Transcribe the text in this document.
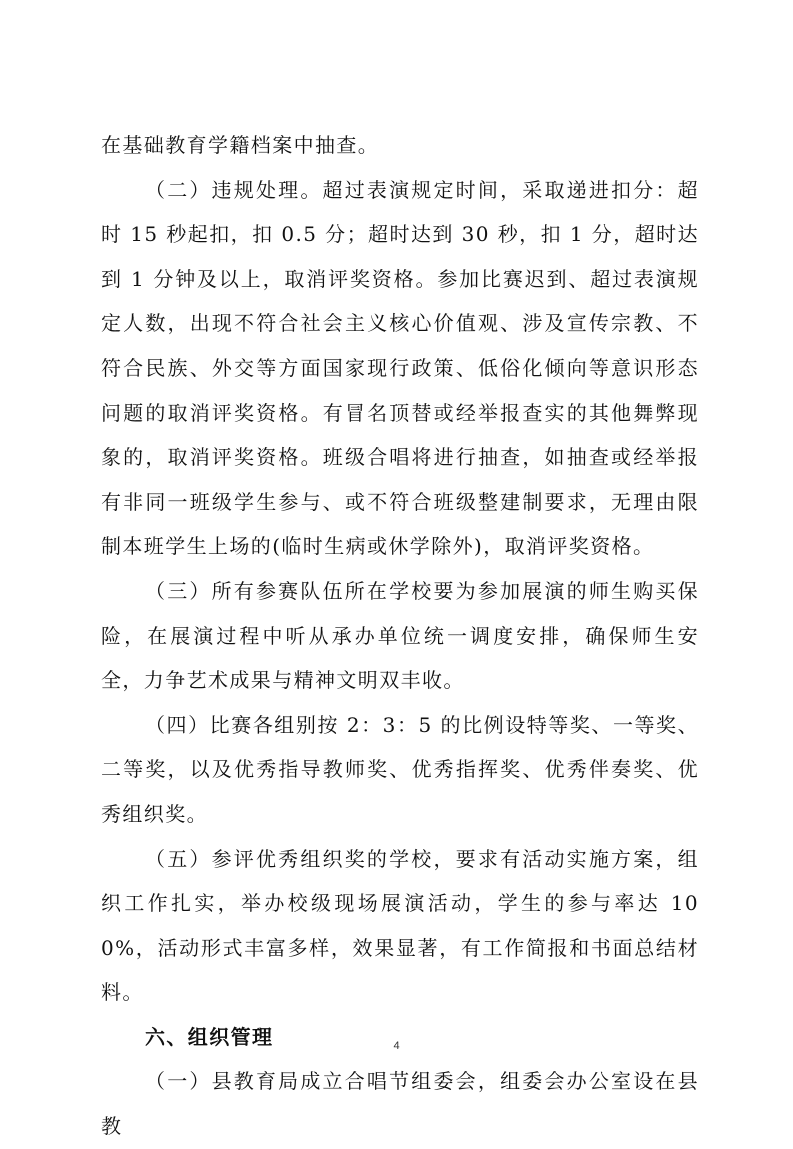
在基础教育学籍档案中抽查。

（二）违规处理。超过表演规定时间，采取递进扣分：超时 15 秒起扣，扣 0.5 分；超时达到 30 秒，扣 1 分，超时达到 1 分钟及以上，取消评奖资格。参加比赛迟到、超过表演规定人数，出现不符合社会主义核心价值观、涉及宣传宗教、不符合民族、外交等方面国家现行政策、低俗化倾向等意识形态问题的取消评奖资格。有冒名顶替或经举报查实的其他舞弊现象的，取消评奖资格。班级合唱将进行抽查，如抽查或经举报有非同一班级学生参与、或不符合班级整建制要求，无理由限制本班学生上场的(临时生病或休学除外)，取消评奖资格。

（三）所有参赛队伍所在学校要为参加展演的师生购买保险，在展演过程中听从承办单位统一调度安排，确保师生安全，力争艺术成果与精神文明双丰收。

（四）比赛各组别按 2：3：5 的比例设特等奖、一等奖、二等奖，以及优秀指导教师奖、优秀指挥奖、优秀伴奏奖、优秀组织奖。

（五）参评优秀组织奖的学校，要求有活动实施方案，组织工作扎实，举办校级现场展演活动，学生的参与率达 100%，活动形式丰富多样，效果显著，有工作简报和书面总结材料。

六、组织管理

（一）县教育局成立合唱节组委会，组委会办公室设在县教

4
